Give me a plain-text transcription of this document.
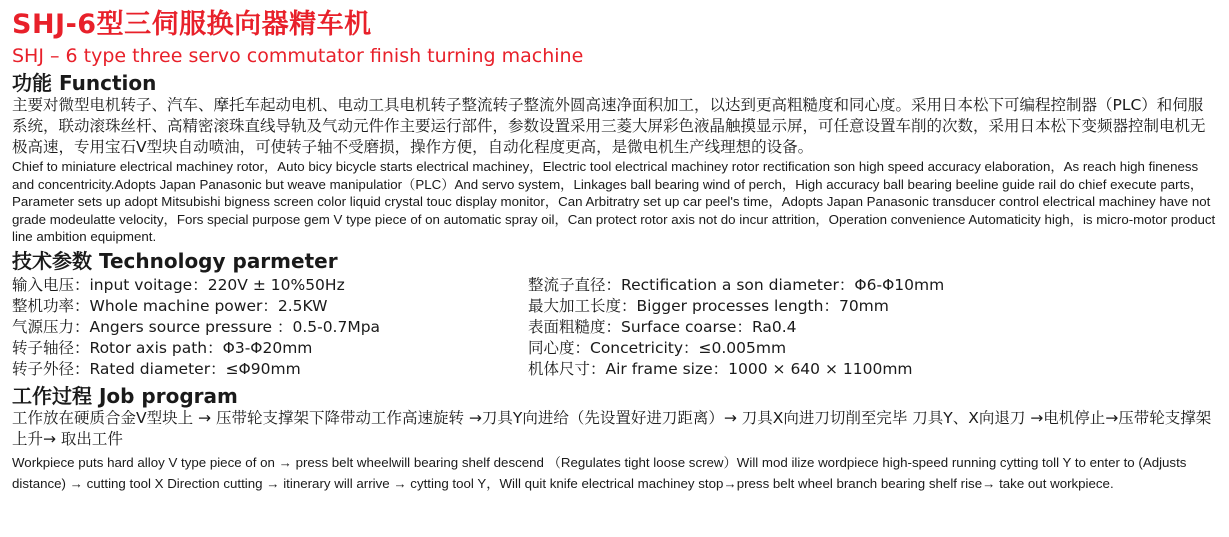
SHJ-6型三伺服换向器精车机
SHJ – 6 type three servo commutator finish turning machine
功能 Function

主要对微型电机转子、汽车、摩托车起动电机、电动工具电机转子整流转子整流外圆高速净面积加工，以达到更高粗糙度和同心度。采用日本松下可编程控制器（PLC）和伺服系统，联动滚珠丝杆、高精密滚珠直线导轨及气动元件作主要运行部件，参数设置采用三菱大屏彩色液晶触摸显示屏，可任意设置车削的次数，采用日本松下变频器控制电机无极高速，专用宝石V型块自动喷油，可使转子轴不受磨损，操作方便，自动化程度更高，是微电机生产线理想的设备。

Chief to miniature electrical machiney rotor，Auto bicy bicycle starts electrical machiney，Electric tool electrical machiney rotor rectification son high speed accuracy elaboration，As reach high fineness and concentricity.Adopts Japan Panasonic but weave manipulatior（PLC）And servo system，Linkages ball bearing wind of perch，High accuracy ball bearing beeline guide rail do chief execute parts，Parameter sets up adopt Mitsubishi bigness screen color liquid crystal touc display monitor，Can Arbitratry set up car peel's time，Adopts Japan Panasonic transducer control electrical machiney have not grade modeulatte velocity，Fors special purpose gem V type piece of on automatic spray oil，Can protect rotor axis not do incur attrition，Operation convenience Automaticity high，is micro-motor product line ambition equipment.

技术参数 Technology parmeter
输入电压：input voitage：220V ± 10%50Hz
整机功率：Whole machine power：2.5KW
气源压力：Angers source pressure ：0.5-0.7Mpa
转子轴径：Rotor axis path：Φ3-Φ20mm
转子外径：Rated diameter：≤Φ90mm
整流子直径：Rectification a son diameter：Φ6-Φ10mm
最大加工长度：Bigger processes length：70mm
表面粗糙度：Surface coarse：Ra0.4
同心度：Concetricity：≤0.005mm
机体尺寸：Air frame size：1000 × 640 × 1100mm
工作过程 Job program

工作放在硬质合金V型块上 → 压带轮支撑架下降带动工作高速旋转 →刀具Y向进给（先设置好进刀距离）→ 刀具X向进刀切削至完毕 刀具Y、X向退刀 →电机停止→压带轮支撑架上升→ 取出工件

Workpiece puts hard alloy V type piece of on → press belt wheelwill bearing shelf descend （Regulates tight loose screw）Will mod ilize wordpiece high-speed running cytting toll Y to enter to (Adjusts distance) → cutting tool X Direction cutting → itinerary will arrive → cytting tool Y，Will quit knife electrical machiney stop→press belt wheel branch bearing shelf rise→ take out workpiece.
